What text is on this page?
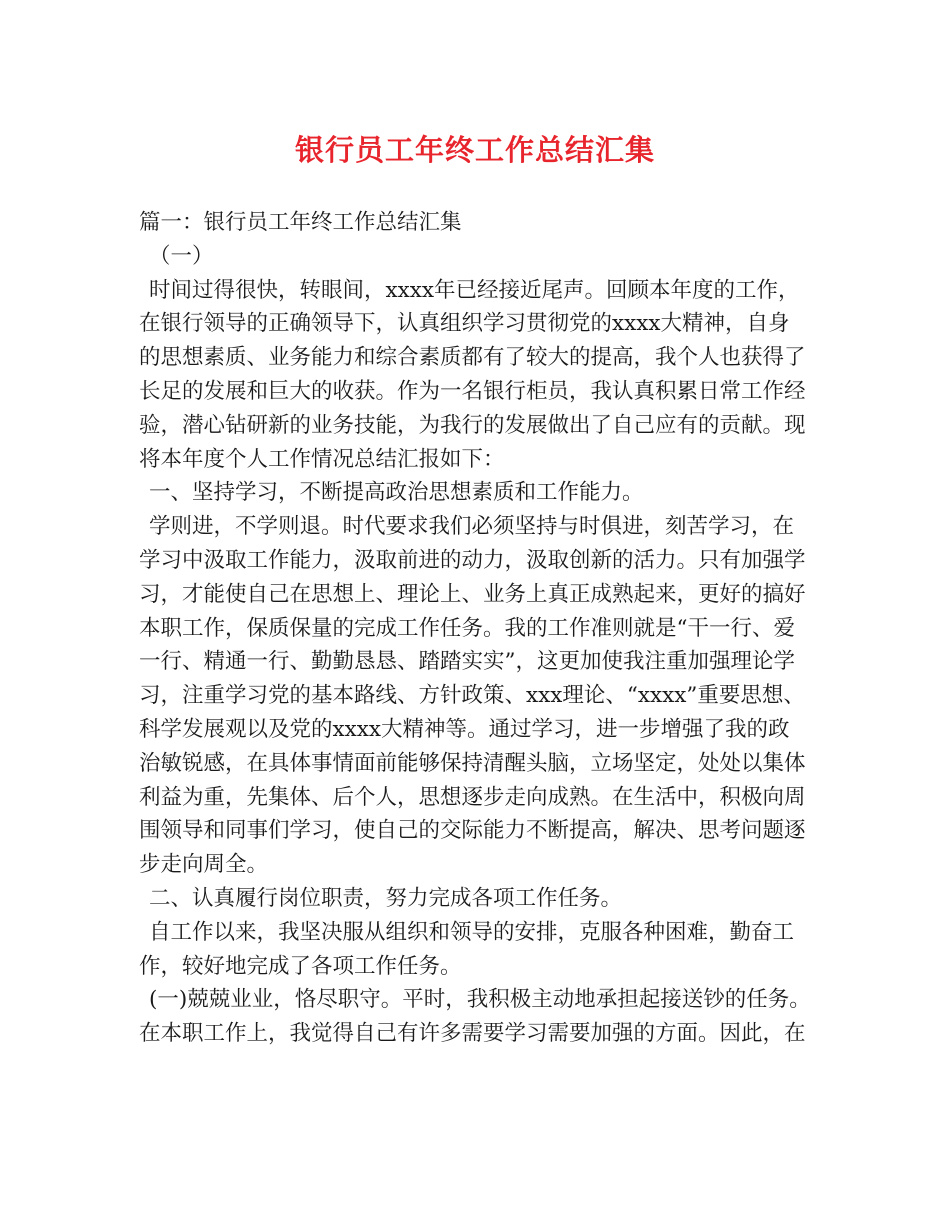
银行员工年终工作总结汇集
篇一：银行员工年终工作总结汇集
（一）
时间过得很快，转眼间，xxxx年已经接近尾声。回顾本年度的工作，
在银行领导的正确领导下，认真组织学习贯彻党的xxxx大精神，自身
的思想素质、业务能力和综合素质都有了较大的提高，我个人也获得了
长足的发展和巨大的收获。作为一名银行柜员，我认真积累日常工作经
验，潜心钻研新的业务技能，为我行的发展做出了自己应有的贡献。现
将本年度个人工作情况总结汇报如下：
一、坚持学习，不断提高政治思想素质和工作能力。
学则进，不学则退。时代要求我们必须坚持与时俱进，刻苦学习，在
学习中汲取工作能力，汲取前进的动力，汲取创新的活力。只有加强学
习，才能使自己在思想上、理论上、业务上真正成熟起来，更好的搞好
本职工作，保质保量的完成工作任务。我的工作准则就是“干一行、爱
一行、精通一行、勤勤恳恳、踏踏实实”，这更加使我注重加强理论学
习，注重学习党的基本路线、方针政策、xxx理论、“xxxx”重要思想、
科学发展观以及党的xxxx大精神等。通过学习，进一步增强了我的政
治敏锐感，在具体事情面前能够保持清醒头脑，立场坚定，处处以集体
利益为重，先集体、后个人，思想逐步走向成熟。在生活中，积极向周
围领导和同事们学习，使自己的交际能力不断提高，解决、思考问题逐
步走向周全。
二、认真履行岗位职责，努力完成各项工作任务。
自工作以来，我坚决服从组织和领导的安排，克服各种困难，勤奋工
作，较好地完成了各项工作任务。
(一)兢兢业业，恪尽职守。平时，我积极主动地承担起接送钞的任务。
在本职工作上，我觉得自己有许多需要学习需要加强的方面。因此，在
